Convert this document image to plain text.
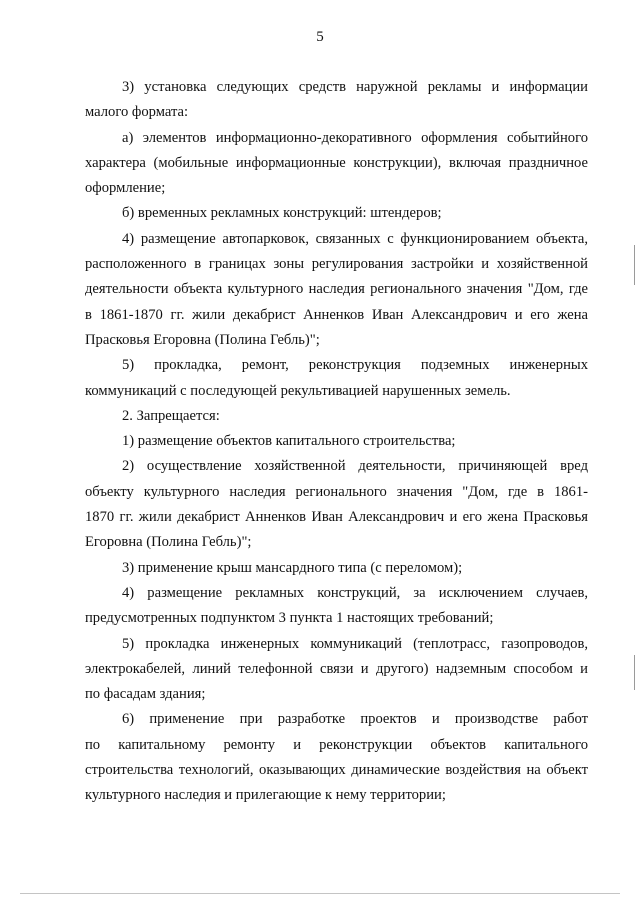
5
3) установка следующих средств наружной рекламы и информации
малого формата:
а) элементов информационно-декоративного оформления событийного
характера (мобильные информационные конструкции), включая праздничное
оформление;
б) временных рекламных конструкций: штендеров;
4) размещение автопарковок, связанных с функционированием объекта,
расположенного в границах зоны регулирования застройки и хозяйственной
деятельности объекта культурного наследия регионального значения "Дом, где
в 1861-1870 гг. жили декабрист Анненков Иван Александрович и его жена
Прасковья Егоровна (Полина Гебль)";
5) прокладка, ремонт, реконструкция подземных инженерных
коммуникаций с последующей рекультивацией нарушенных земель.
2. Запрещается:
1) размещение объектов капитального строительства;
2) осуществление хозяйственной деятельности, причиняющей вред
объекту культурного наследия регионального значения "Дом, где в 1861-
1870 гг. жили декабрист Анненков Иван Александрович и его жена Прасковья
Егоровна (Полина Гебль)";
3) применение крыш мансардного типа (с переломом);
4) размещение рекламных конструкций, за исключением случаев,
предусмотренных подпунктом 3 пункта 1 настоящих требований;
5) прокладка инженерных коммуникаций (теплотрасс, газопроводов,
электрокабелей, линий телефонной связи и другого) надземным способом и
по фасадам здания;
6) применение при разработке проектов и производстве работ
по капитальному ремонту и реконструкции объектов капитального
строительства технологий, оказывающих динамические воздействия на объект
культурного наследия и прилегающие к нему территории;
